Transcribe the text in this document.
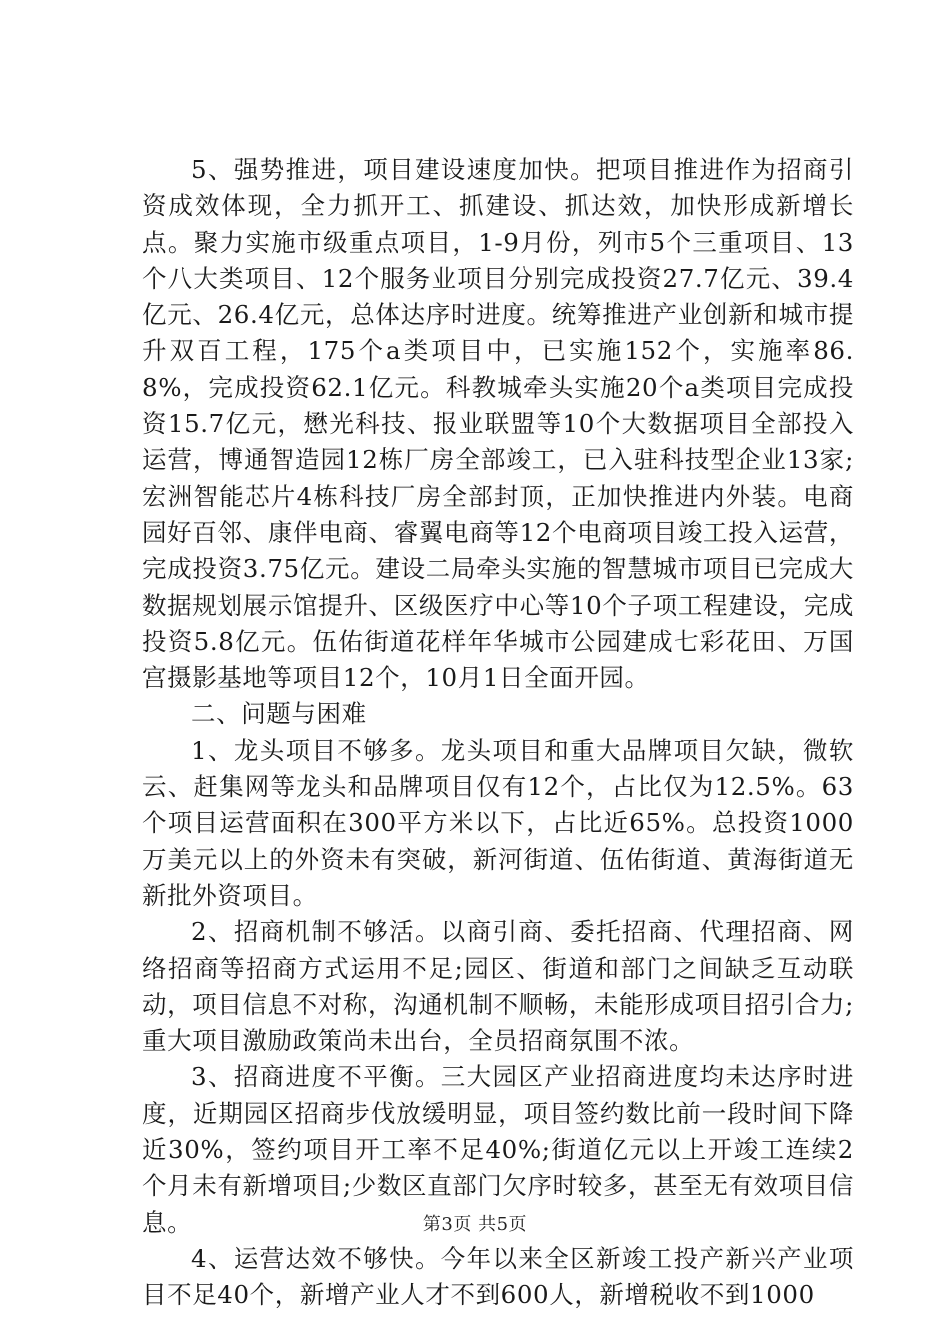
5、强势推进，项目建设速度加快。把项目推进作为招商引资成效体现，全力抓开工、抓建设、抓达效，加快形成新增长点。聚力实施市级重点项目，1-9月份，列市5个三重项目、13个八大类项目、12个服务业项目分别完成投资27.7亿元、39.4亿元、26.4亿元，总体达序时进度。统筹推进产业创新和城市提升双百工程，175个a类项目中，已实施152个，实施率86.8%，完成投资62.1亿元。科教城牵头实施20个a类项目完成投资15.7亿元，懋光科技、报业联盟等10个大数据项目全部投入运营，博通智造园12栋厂房全部竣工，已入驻科技型企业13家;宏洲智能芯片4栋科技厂房全部封顶，正加快推进内外装。电商园好百邻、康伴电商、睿翼电商等12个电商项目竣工投入运营，完成投资3.75亿元。建设二局牵头实施的智慧城市项目已完成大数据规划展示馆提升、区级医疗中心等10个子项工程建设，完成投资5.8亿元。伍佑街道花样年华城市公园建成七彩花田、万国宫摄影基地等项目12个，10月1日全面开园。

二、问题与困难

1、龙头项目不够多。龙头项目和重大品牌项目欠缺，微软云、赶集网等龙头和品牌项目仅有12个，占比仅为12.5%。63个项目运营面积在300平方米以下，占比近65%。总投资1000万美元以上的外资未有突破，新河街道、伍佑街道、黄海街道无新批外资项目。

2、招商机制不够活。以商引商、委托招商、代理招商、网络招商等招商方式运用不足;园区、街道和部门之间缺乏互动联动，项目信息不对称，沟通机制不顺畅，未能形成项目招引合力;重大项目激励政策尚未出台，全员招商氛围不浓。

3、招商进度不平衡。三大园区产业招商进度均未达序时进度，近期园区招商步伐放缓明显，项目签约数比前一段时间下降近30%，签约项目开工率不足40%;街道亿元以上开竣工连续2个月未有新增项目;少数区直部门欠序时较多，甚至无有效项目信息。

4、运营达效不够快。今年以来全区新竣工投产新兴产业项目不足40个，新增产业人才不到600人，新增税收不到1000

第3页 共5页
